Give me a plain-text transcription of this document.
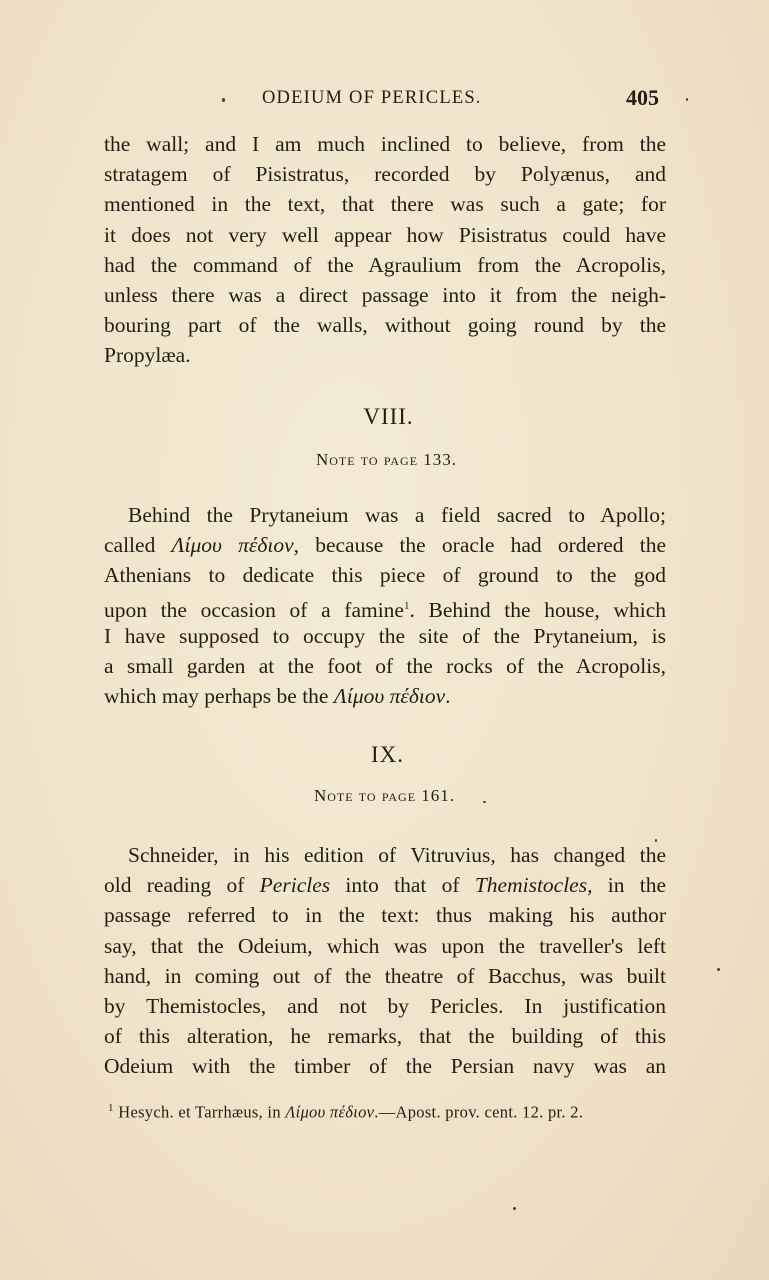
ODEIUM OF PERICLES.	405
the wall; and I am much inclined to believe, from the
stratagem of Pisistratus, recorded by Polyænus, and
mentioned in the text, that there was such a gate; for
it does not very well appear how Pisistratus could have
had the command of the Agraulium from the Acropolis,
unless there was a direct passage into it from the neigh-
bouring part of the walls, without going round by the
Propylæa.
VIII.
Note to page 133.
Behind the Prytaneium was a field sacred to Apollo;
called Λίμου πέδιον, because the oracle had ordered the
Athenians to dedicate this piece of ground to the god
upon the occasion of a famine$^1$. Behind the house, which
I have supposed to occupy the site of the Prytaneium, is
a small garden at the foot of the rocks of the Acropolis,
which may perhaps be the Λίμου πέδιον.
IX.
Note to page 161.
Schneider, in his edition of Vitruvius, has changed the
old reading of Pericles into that of Themistocles, in the
passage referred to in the text: thus making his author
say, that the Odeium, which was upon the traveller's left
hand, in coming out of the theatre of Bacchus, was built
by Themistocles, and not by Pericles. In justification
of this alteration, he remarks, that the building of this
Odeium with the timber of the Persian navy was an
$^1$ Hesych. et Tarrhæus, in Λίμου πέδιον.—Apost. prov. cent. 12. pr. 2.
